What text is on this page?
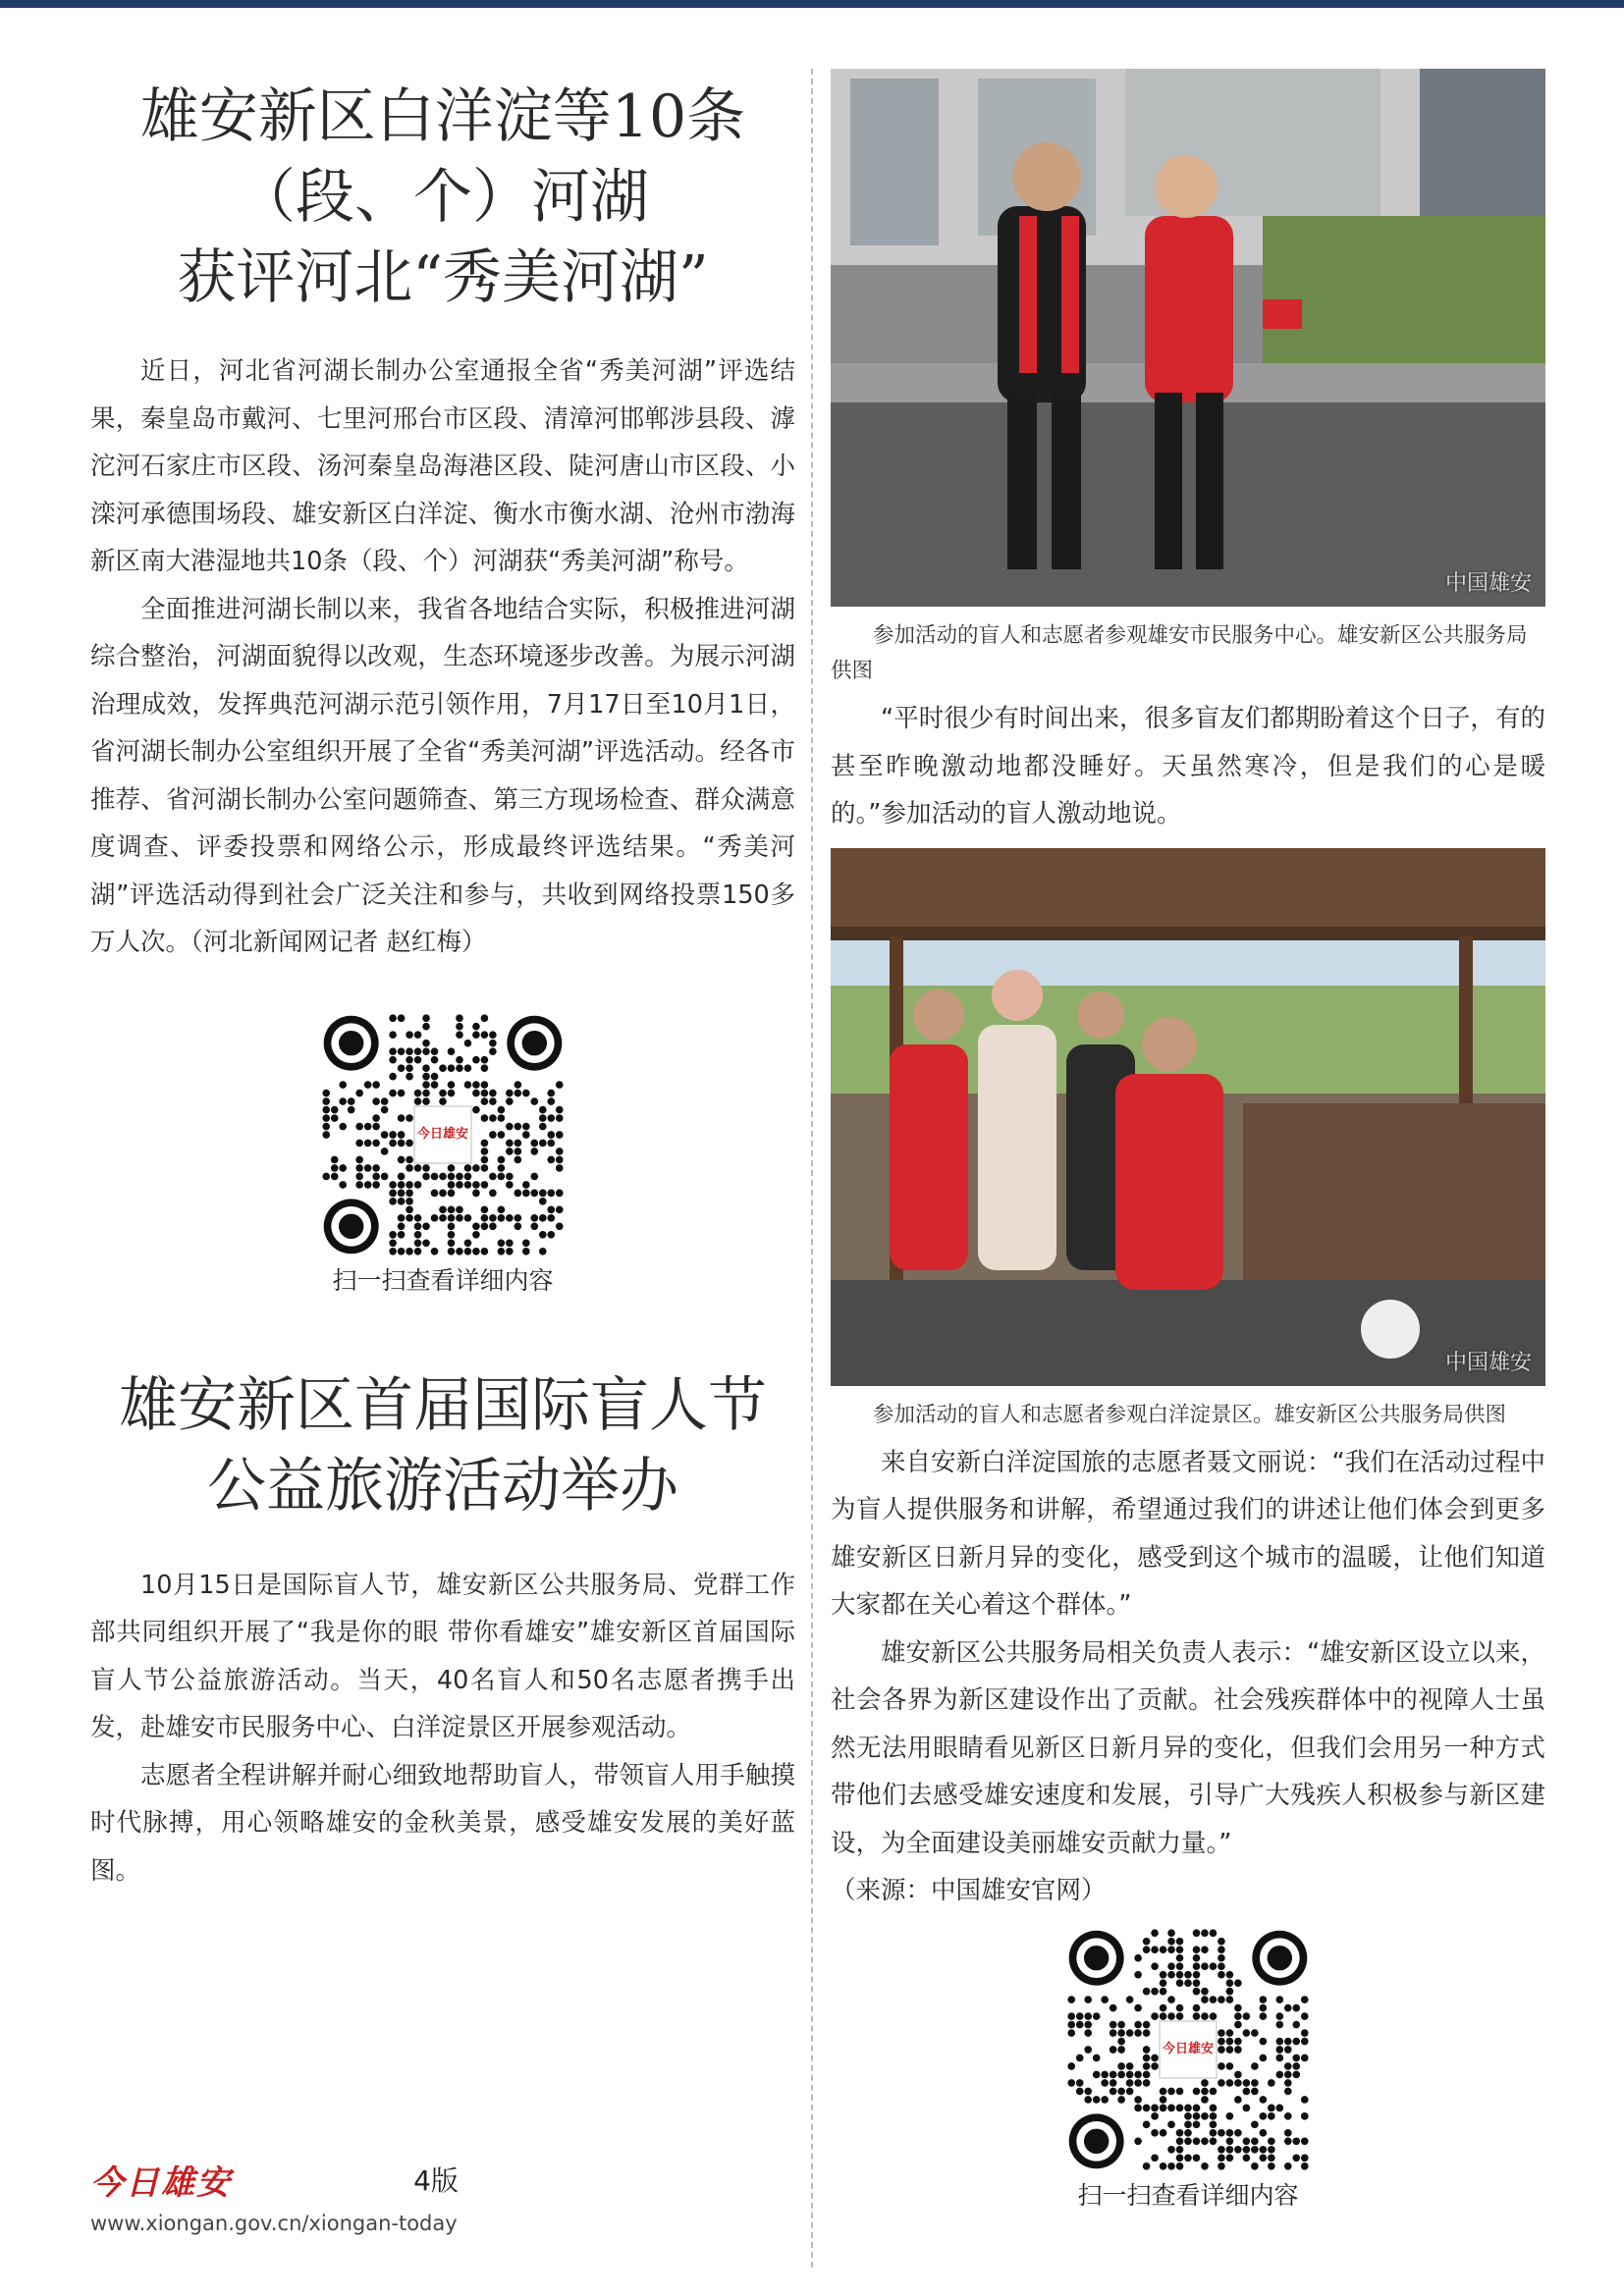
雄安新区白洋淀等10条
（段、个）河湖
获评河北“秀美河湖”

近日，河北省河湖长制办公室通报全省“秀美河湖”评选结果，秦皇岛市戴河、七里河邢台市区段、清漳河邯郸涉县段、滹沱河石家庄市区段、汤河秦皇岛海港区段、陡河唐山市区段、小滦河承德围场段、雄安新区白洋淀、衡水市衡水湖、沧州市渤海新区南大港湿地共10条（段、个）河湖获“秀美河湖”称号。

全面推进河湖长制以来，我省各地结合实际，积极推进河湖综合整治，河湖面貌得以改观，生态环境逐步改善。为展示河湖治理成效，发挥典范河湖示范引领作用，7月17日至10月1日，省河湖长制办公室组织开展了全省“秀美河湖”评选活动。经各市推荐、省河湖长制办公室问题筛查、第三方现场检查、群众满意度调查、评委投票和网络公示，形成最终评选结果。“秀美河湖”评选活动得到社会广泛关注和参与，共收到网络投票150多万人次。（河北新闻网记者 赵红梅）

今日雄安
扫一扫查看详细内容
雄安新区首届国际盲人节
公益旅游活动举办

10月15日是国际盲人节，雄安新区公共服务局、党群工作部共同组织开展了“我是你的眼 带你看雄安”雄安新区首届国际盲人节公益旅游活动。当天，40名盲人和50名志愿者携手出发，赴雄安市民服务中心、白洋淀景区开展参观活动。

志愿者全程讲解并耐心细致地帮助盲人，带领盲人用手触摸时代脉搏，用心领略雄安的金秋美景，感受雄安发展的美好蓝图。

中国雄安

参加活动的盲人和志愿者参观雄安市民服务中心。雄安新区公共服务局供图

“平时很少有时间出来，很多盲友们都期盼着这个日子，有的甚至昨晚激动地都没睡好。天虽然寒冷，但是我们的心是暖的。”参加活动的盲人激动地说。

中国雄安

参加活动的盲人和志愿者参观白洋淀景区。雄安新区公共服务局供图

来自安新白洋淀国旅的志愿者聂文丽说：“我们在活动过程中为盲人提供服务和讲解，希望通过我们的讲述让他们体会到更多雄安新区日新月异的变化，感受到这个城市的温暖，让他们知道大家都在关心着这个群体。”

雄安新区公共服务局相关负责人表示：“雄安新区设立以来，社会各界为新区建设作出了贡献。社会残疾群体中的视障人士虽然无法用眼睛看见新区日新月异的变化，但我们会用另一种方式带他们去感受雄安速度和发展，引导广大残疾人积极参与新区建设，为全面建设美丽雄安贡献力量。”

（来源：中国雄安官网）

今日雄安
扫一扫查看详细内容
今日雄安	4版
www.xiongan.gov.cn/xiongan-today
